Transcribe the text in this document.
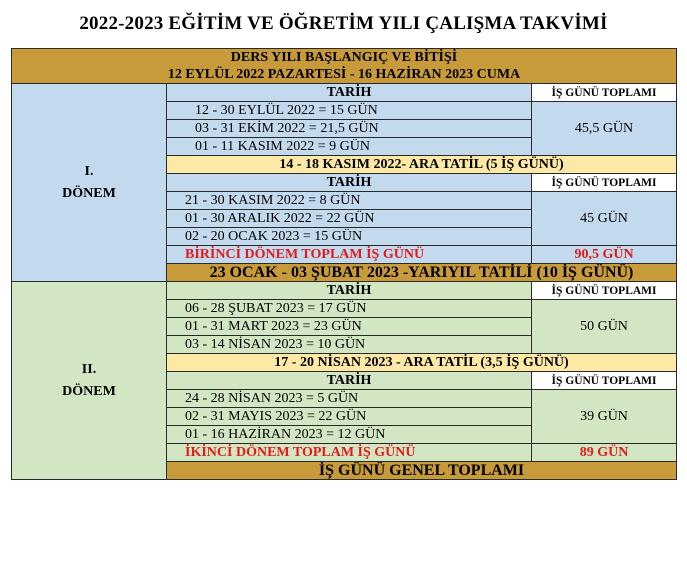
2022-2023 EĞİTİM VE ÖĞRETİM YILI ÇALIŞMA TAKVİMİ
DERS YILI BAŞLANGIÇ VE BİTİŞİ			
12 EYLÜL 2022 PAZARTESİ - 16 HAZİRAN 2023 CUMA			

I.
DÖNEM	TARİH	İŞ GÜNÜ TOPLAMI	
	12 - 30 EYLÜL 2022 = 15 GÜN	45,5 GÜN	
	03 - 31 EKİM 2022 = 21,5 GÜN		
	01 - 11 KASIM 2022 = 9 GÜN		
	14 - 18 KASIM 2022- ARA TATİL (5 İŞ GÜNÜ)		
	TARİH	İŞ GÜNÜ TOPLAMI	
	21 - 30 KASIM 2022 = 8 GÜN	45 GÜN	
	01 - 30 ARALIK 2022 = 22 GÜN		
	02 - 20 OCAK 2023 = 15 GÜN		
	BİRİNCİ DÖNEM TOPLAM İŞ GÜNÜ	90,5 GÜN	
	23 OCAK - 03 ŞUBAT 2023 -YARIYIL TATİLİ (10 İŞ GÜNÜ)		

II.
DÖNEM	TARİH	İŞ GÜNÜ TOPLAMI	
	06 - 28 ŞUBAT 2023 = 17 GÜN	50 GÜN	
	01 - 31 MART 2023 = 23 GÜN		
	03 - 14 NİSAN 2023 = 10 GÜN		
	17 - 20 NİSAN 2023 - ARA TATİL (3,5 İŞ GÜNÜ)		
	TARİH	İŞ GÜNÜ TOPLAMI	
	24 - 28 NİSAN 2023 = 5 GÜN	39 GÜN	
	02 - 31 MAYIS 2023 = 22 GÜN		
	01 - 16 HAZİRAN 2023 = 12 GÜN		
	İKİNCİ DÖNEM TOPLAM İŞ GÜNÜ	89 GÜN	
	İŞ GÜNÜ GENEL TOPLAMI	
